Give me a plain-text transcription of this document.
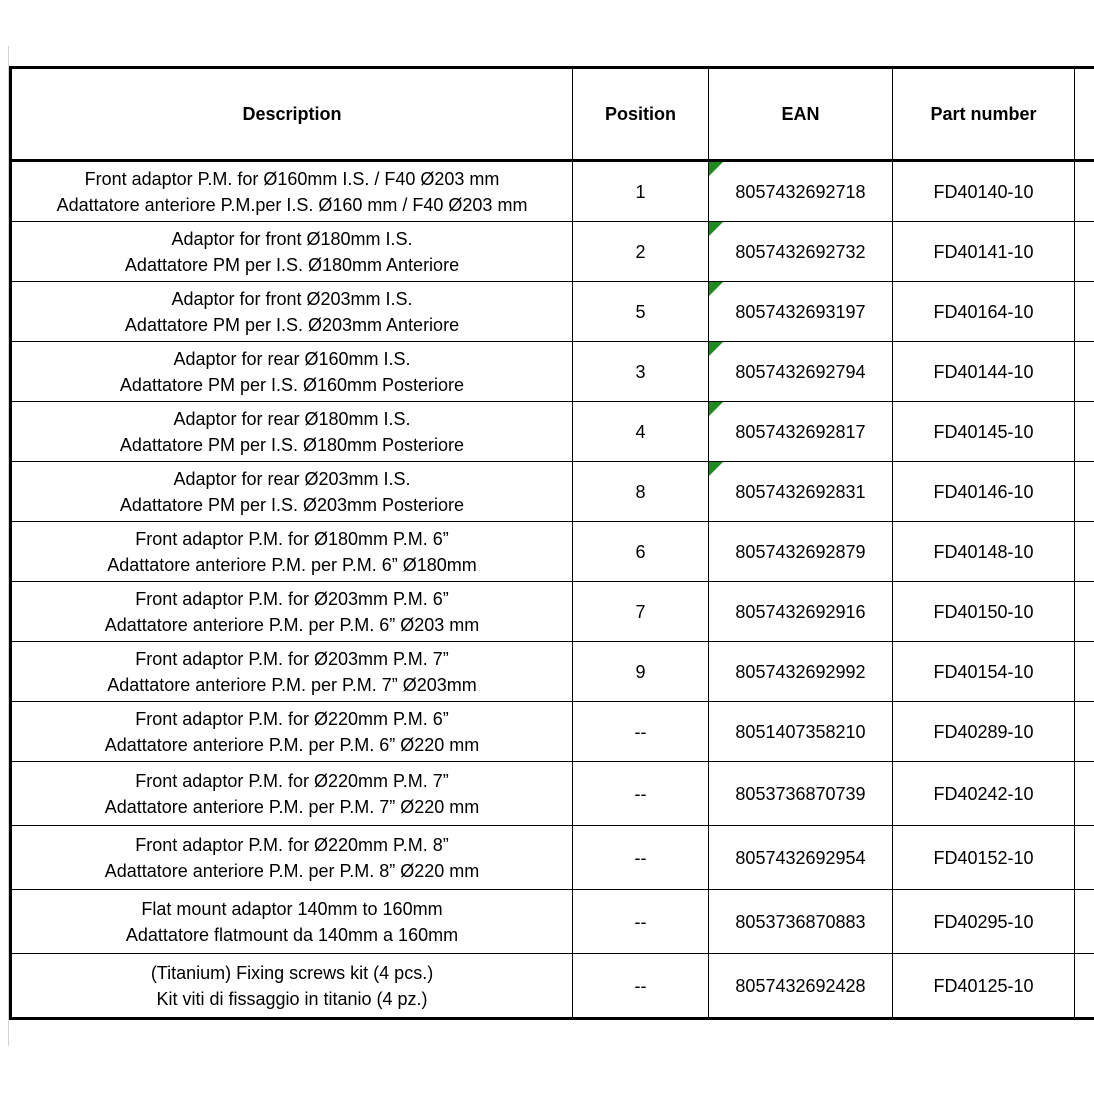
Description	Position	EAN	Part number	

Front adaptor P.M. for Ø160mm I.S. / F40 Ø203 mm
Adattatore anteriore P.M.per I.S. Ø160 mm / F40 Ø203 mm	1	8057432692718	FD40140-10	

Adaptor for front Ø180mm I.S.
Adattatore PM per I.S. Ø180mm Anteriore	2	8057432692732	FD40141-10	

Adaptor for front Ø203mm I.S.
Adattatore PM per I.S. Ø203mm Anteriore	5	8057432693197	FD40164-10	

Adaptor for rear Ø160mm I.S.
Adattatore PM per I.S. Ø160mm Posteriore	3	8057432692794	FD40144-10	

Adaptor for rear Ø180mm I.S.
Adattatore PM per I.S. Ø180mm Posteriore	4	8057432692817	FD40145-10	

Adaptor for rear Ø203mm I.S.
Adattatore PM per I.S. Ø203mm Posteriore	8	8057432692831	FD40146-10	

Front adaptor P.M. for Ø180mm P.M. 6”
Adattatore anteriore P.M. per P.M. 6” Ø180mm	6	8057432692879	FD40148-10	

Front adaptor P.M. for Ø203mm P.M. 6”
Adattatore anteriore P.M. per P.M. 6” Ø203 mm	7	8057432692916	FD40150-10	

Front adaptor P.M. for Ø203mm P.M. 7”
Adattatore anteriore P.M. per P.M. 7” Ø203mm	9	8057432692992	FD40154-10	

Front adaptor P.M. for Ø220mm P.M. 6”
Adattatore anteriore P.M. per P.M. 6” Ø220 mm	--	8051407358210	FD40289-10	

Front adaptor P.M. for Ø220mm P.M. 7”
Adattatore anteriore P.M. per P.M. 7” Ø220 mm	--	8053736870739	FD40242-10	

Front adaptor P.M. for Ø220mm P.M. 8”
Adattatore anteriore P.M. per P.M. 8” Ø220 mm	--	8057432692954	FD40152-10	

Flat mount adaptor 140mm to 160mm
Adattatore flatmount da 140mm a 160mm	--	8053736870883	FD40295-10	

(Titanium) Fixing screws kit (4 pcs.)
Kit viti di fissaggio in titanio (4 pz.)	--	8057432692428	FD40125-10	
